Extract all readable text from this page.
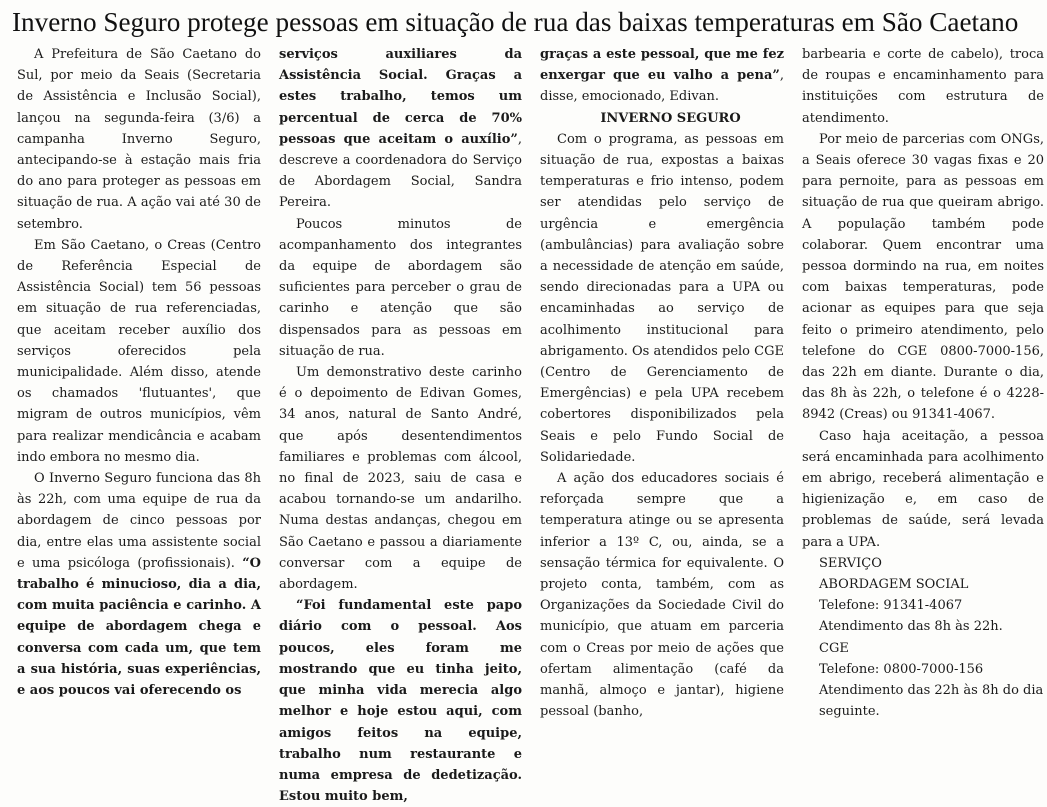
Inverno Seguro protege pessoas em situação de rua das baixas temperaturas em São Caetano

A Prefeitura de São Caetano do Sul, por meio da Seais (Secretaria de Assistência e Inclusão Social), lançou na segunda-feira (3/6) a campanha Inverno Seguro, antecipando-se à estação mais fria do ano para proteger as pessoas em situação de rua. A ação vai até 30 de setembro.

Em São Caetano, o Creas (Centro de Referência Especial de Assistência Social) tem 56 pessoas em situação de rua referenciadas, que aceitam receber auxílio dos serviços oferecidos pela municipalidade. Além disso, atende os chamados 'flutuantes', que migram de outros municípios, vêm para realizar mendicância e acabam indo embora no mesmo dia.

O Inverno Seguro funciona das 8h às 22h, com uma equipe de rua da abordagem de cinco pessoas por dia, entre elas uma assistente social e uma psicóloga (profissionais). “O trabalho é minucioso, dia a dia, com muita paciência e carinho. A equipe de abordagem chega e conversa com cada um, que tem a sua história, suas experiências, e aos poucos vai oferecendo os

serviços auxiliares da Assistência Social. Graças a estes trabalho, temos um percentual de cerca de 70% pessoas que aceitam o auxílio”, descreve a coordenadora do Serviço de Abordagem Social, Sandra Pereira.

Poucos minutos de acompanhamento dos integrantes da equipe de abordagem são suficientes para perceber o grau de carinho e atenção que são dispensados para as pessoas em situação de rua.

Um demonstrativo deste carinho é o depoimento de Edivan Gomes, 34 anos, natural de Santo André, que após desentendimentos familiares e problemas com álcool, no final de 2023, saiu de casa e acabou tornando-se um andarilho. Numa destas andanças, chegou em São Caetano e passou a diariamente conversar com a equipe de abordagem.

“Foi fundamental este papo diário com o pessoal. Aos poucos, eles foram me mostrando que eu tinha jeito, que minha vida merecia algo melhor e hoje estou aqui, com amigos feitos na equipe, trabalho num restaurante e numa empresa de dedetização. Estou muito bem,

graças a este pessoal, que me fez enxergar que eu valho a pena”, disse, emocionado, Edivan.

INVERNO SEGURO

Com o programa, as pessoas em situação de rua, expostas a baixas temperaturas e frio intenso, podem ser atendidas pelo serviço de urgência e emergência (ambulâncias) para avaliação sobre a necessidade de atenção em saúde, sendo direcionadas para a UPA ou encaminhadas ao serviço de acolhimento institucional para abrigamento. Os atendidos pelo CGE (Centro de Gerenciamento de Emergências) e pela UPA recebem cobertores disponibilizados pela Seais e pelo Fundo Social de Solidariedade.

A ação dos educadores sociais é reforçada sempre que a temperatura atinge ou se apresenta inferior a 13º C, ou, ainda, se a sensação térmica for equivalente. O projeto conta, também, com as Organizações da Sociedade Civil do município, que atuam em parceria com o Creas por meio de ações que ofertam alimentação (café da manhã, almoço e jantar), higiene pessoal (banho,

barbearia e corte de cabelo), troca de roupas e encaminhamento para instituições com estrutura de atendimento.

Por meio de parcerias com ONGs, a Seais oferece 30 vagas fixas e 20 para pernoite, para as pessoas em situação de rua que queiram abrigo. A população também pode colaborar. Quem encontrar uma pessoa dormindo na rua, em noites com baixas temperaturas, pode acionar as equipes para que seja feito o primeiro atendimento, pelo telefone do CGE 0800-7000-156, das 22h em diante. Durante o dia, das 8h às 22h, o telefone é o 4228-8942 (Creas) ou 91341-4067.

Caso haja aceitação, a pessoa será encaminhada para acolhimento em abrigo, receberá alimentação e higienização e, em caso de problemas de saúde, será levada para a UPA.

SERVIÇO
ABORDAGEM SOCIAL
Telefone: 91341-4067
Atendimento das 8h às 22h.
CGE
Telefone: 0800-7000-156
Atendimento das 22h às 8h do dia seguinte.
